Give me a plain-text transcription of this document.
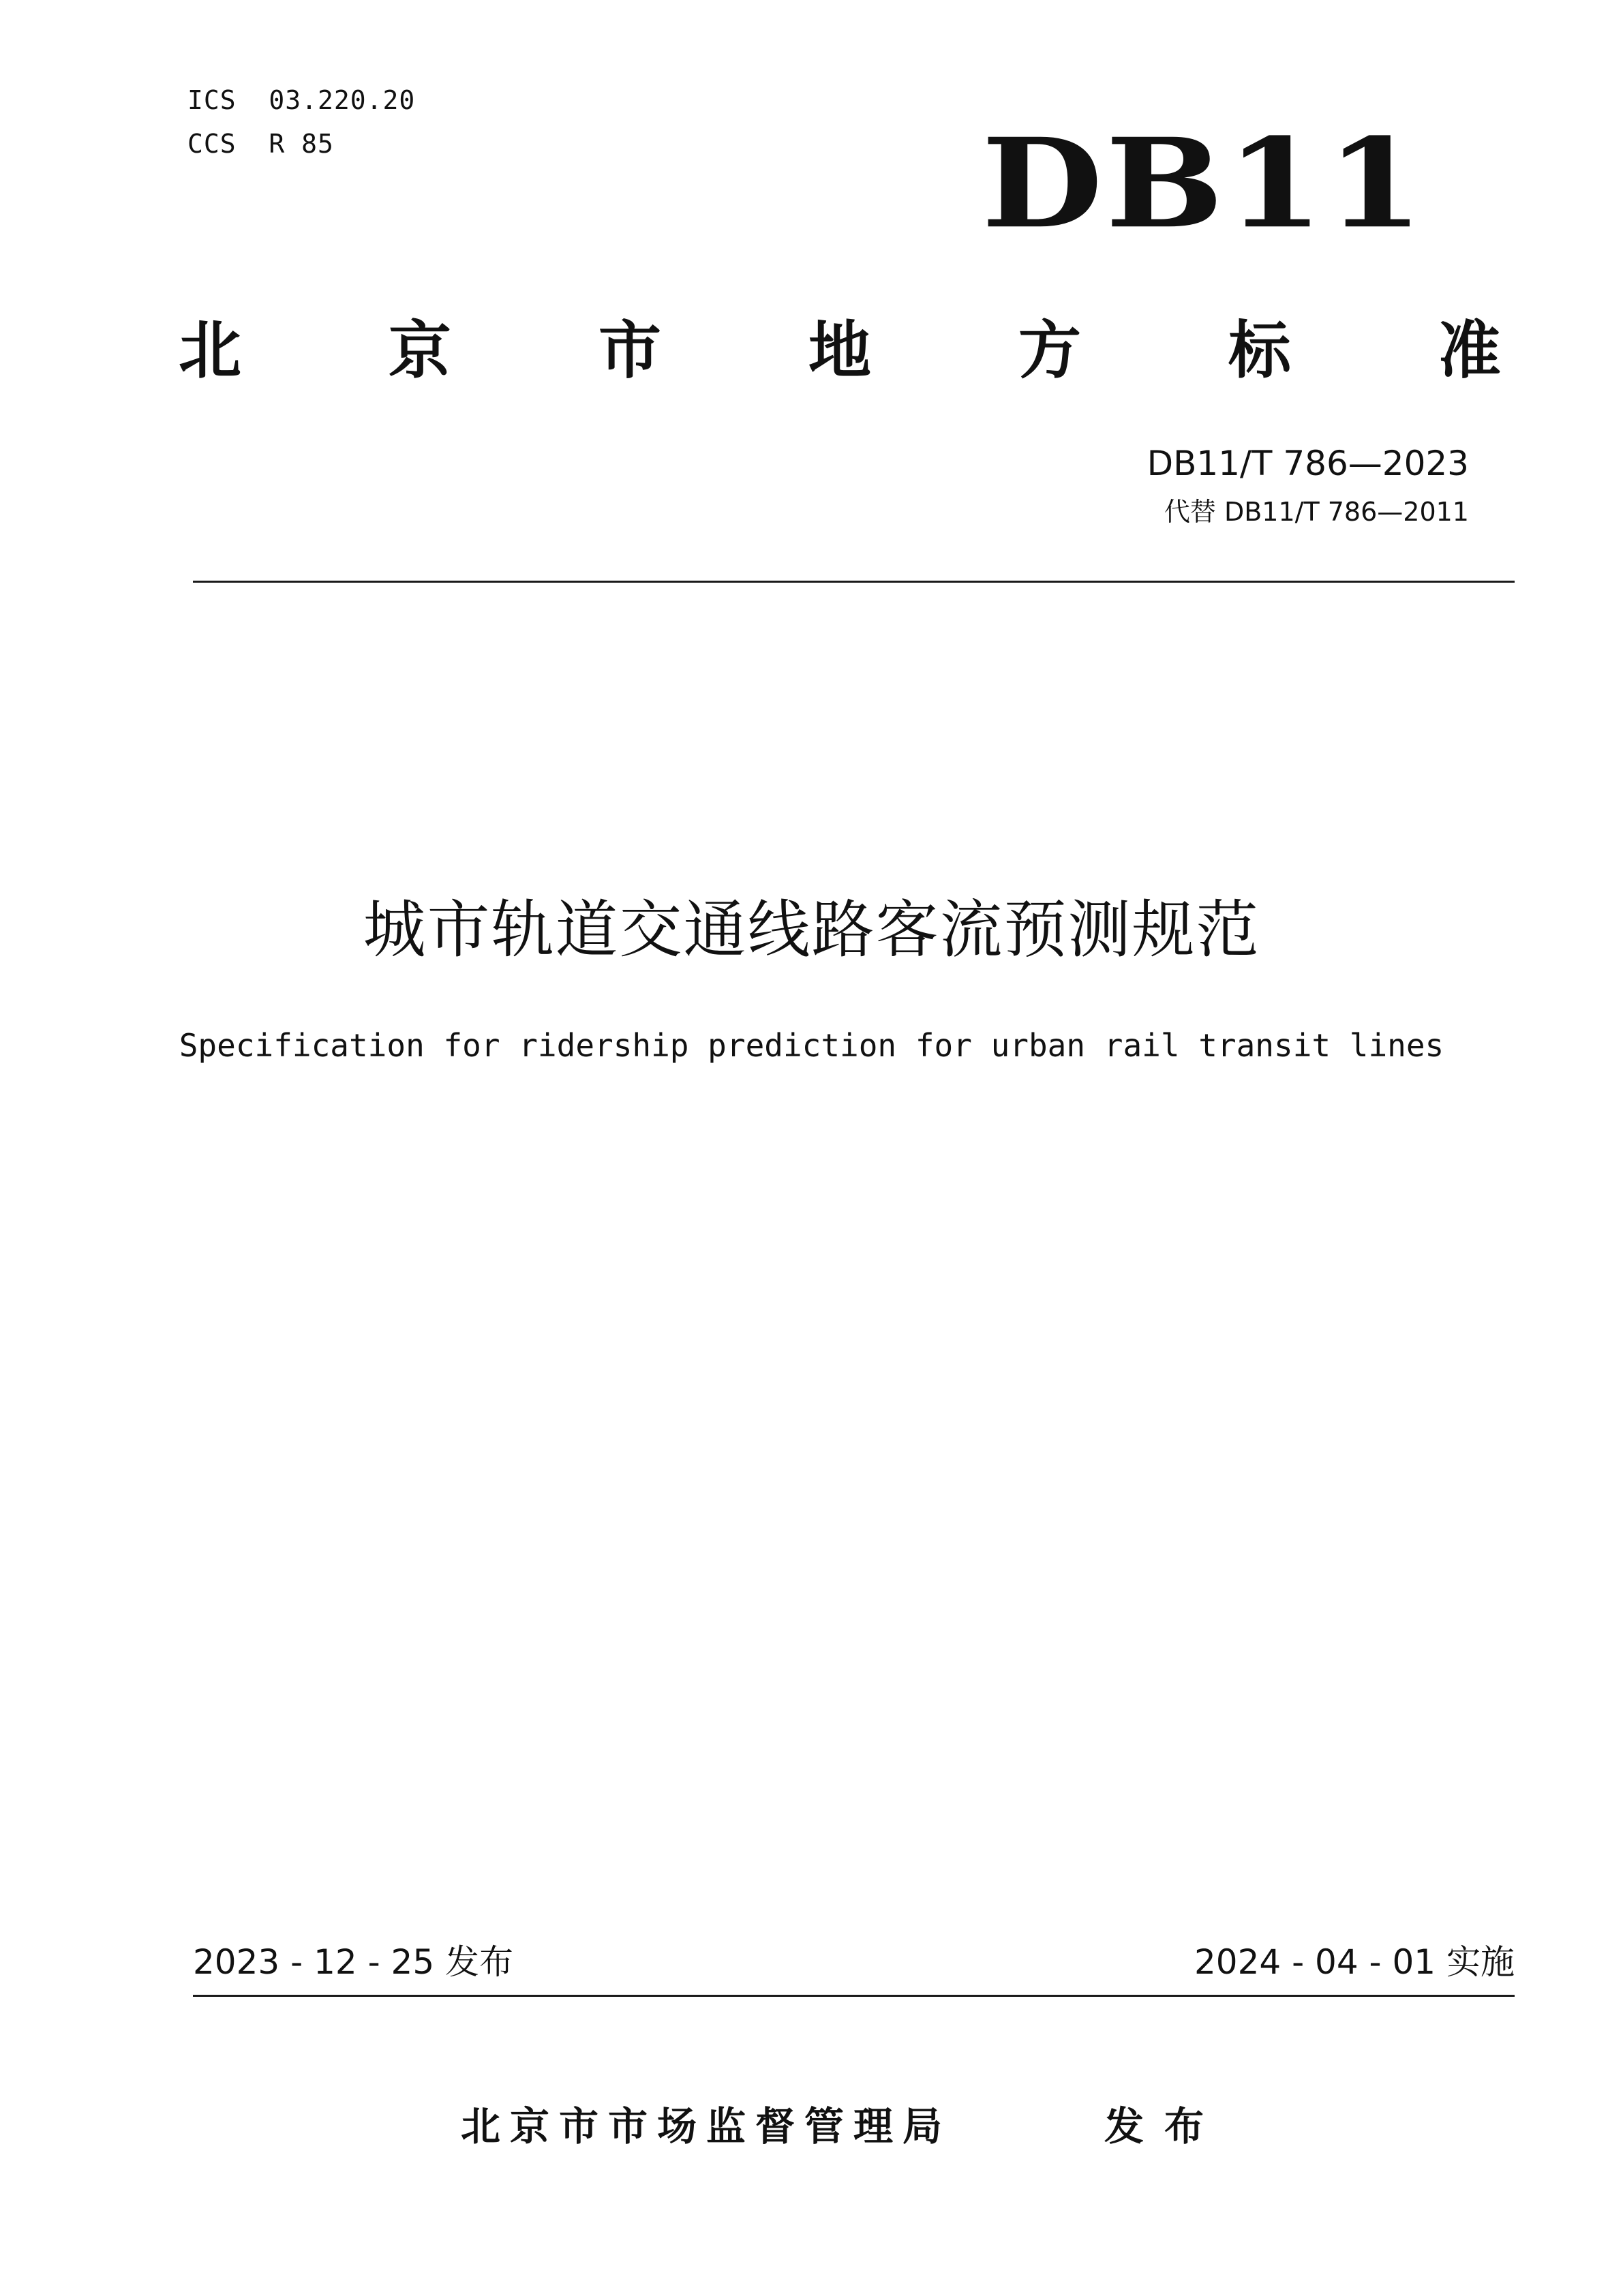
ICS  03.220.20
CCS  R 85	DB11
北 京 市 地 方 标 准
DB11/T 786—2023
代替 DB11/T 786—2011
城市轨道交通线路客流预测规范
Specification for ridership prediction for urban rail transit lines
2023 - 12 - 25 发布	2024 - 04 - 01 实施
北京市市场监督管理局	发布
